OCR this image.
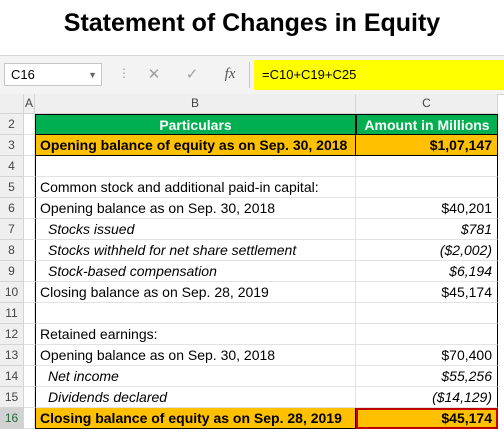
Statement of Changes in Equity
C16	▼ ⋮	✕	✓	fx	=C10+C19+C25
A	B	C
2	Particulars	Amount in Millions
3	Opening balance of equity as on Sep. 30, 2018	$1,07,147
4
5	Common stock and additional paid-in capital:
6	Opening balance as on Sep. 30, 2018	$40,201
7	Stocks issued	$781
8	Stocks withheld for net share settlement	($2,002)
9	Stock-based compensation	$6,194
10	Closing balance as on Sep. 28, 2019	$45,174
11
12	Retained earnings:
13	Opening balance as on Sep. 30, 2018	$70,400
14	Net income	$55,256
15	Dividends declared	($14,129)
16	Closing balance of equity as on Sep. 28, 2019	$45,174
